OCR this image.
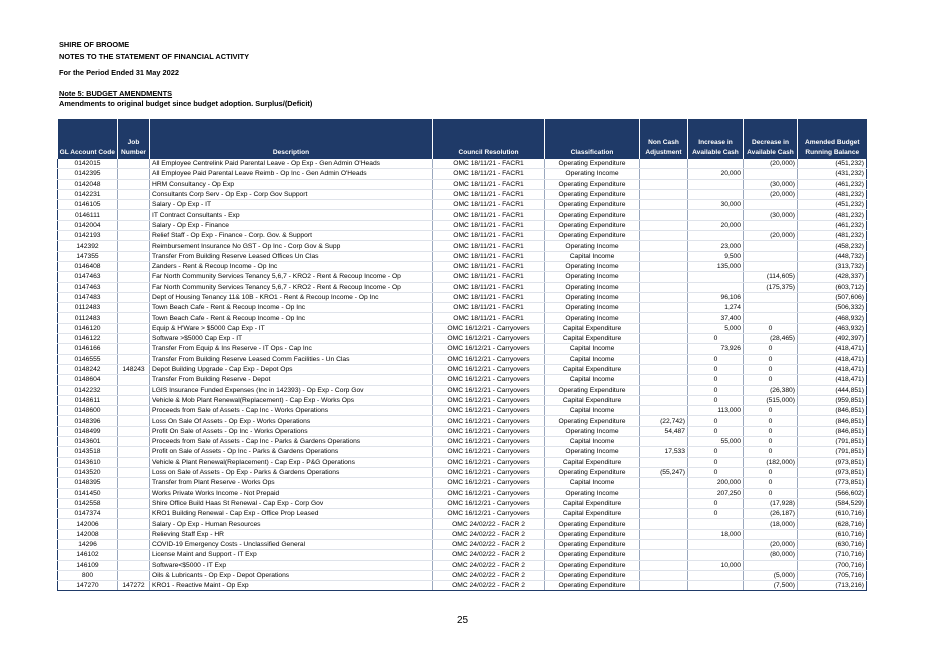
SHIRE OF BROOME
NOTES TO THE STATEMENT OF FINANCIAL ACTIVITY
For the Period Ended 31 May 2022
Note 5: BUDGET AMENDMENTS
Amendments to original budget since budget adoption. Surplus/(Deficit)
GL Account Code	Job Number	Description	Council Resolution	Classification	Non Cash Adjustment	Increase in Available Cash	Decrease in Available Cash	Amended Budget Running Balance
0142015		All Employee Centrelink Paid Parental Leave - Op Exp - Gen Admin O'Heads	OMC 18/11/21 - FACR1	Operating Expenditure			(20,000)	(451,232)
0142395		All Employee Paid Parental Leave Reimb - Op Inc - Gen Admin O'Heads	OMC 18/11/21 - FACR1	Operating Income		20,000		(431,232)
0142048		HRM Consultancy - Op Exp	OMC 18/11/21 - FACR1	Operating Expenditure			(30,000)	(461,232)
0142231		Consultants Corp Serv - Op Exp - Corp Gov Support	OMC 18/11/21 - FACR1	Operating Expenditure			(20,000)	(481,232)
0146105		Salary - Op Exp - IT	OMC 18/11/21 - FACR1	Operating Expenditure		30,000		(451,232)
0146111		IT Contract Consultants - Exp	OMC 18/11/21 - FACR1	Operating Expenditure			(30,000)	(481,232)
0142004		Salary - Op Exp - Finance	OMC 18/11/21 - FACR1	Operating Expenditure		20,000		(461,232)
0142193		Relief Staff - Op Exp - Finance - Corp. Gov. & Support	OMC 18/11/21 - FACR1	Operating Expenditure			(20,000)	(481,232)
142392		Reimbursement Insurance No GST - Op Inc - Corp Gov & Supp	OMC 18/11/21 - FACR1	Operating Income		23,000		(458,232)
147355		Transfer From Building Reserve Leased Offices Un Clas	OMC 18/11/21 - FACR1	Capital Income		9,500		(448,732)
0146408		Zanders - Rent & Recoup Income - Op Inc	OMC 18/11/21 - FACR1	Operating Income		135,000		(313,732)
0147463		Far North Community Services Tenancy 5,6,7 - KRO2 - Rent & Recoup Income - Op	OMC 18/11/21 - FACR1	Operating Income			(114,605)	(428,337)
0147463		Far North Community Services Tenancy 5,6,7 - KRO2 - Rent & Recoup Income - Op	OMC 18/11/21 - FACR1	Operating Income			(175,375)	(603,712)
0147483		Dept of Housing Tenancy 11& 10B - KRO1 - Rent & Recoup Income - Op Inc	OMC 18/11/21 - FACR1	Operating Income		96,106		(507,606)
0112483		Town Beach Cafe - Rent & Recoup Income - Op Inc	OMC 18/11/21 - FACR1	Operating Income		1,274		(506,332)
0112483		Town Beach Cafe - Rent & Recoup Income - Op Inc	OMC 18/11/21 - FACR1	Operating Income		37,400		(468,932)
0146120		Equip & H'Ware > $5000 Cap Exp - IT	OMC 16/12/21 - Carryovers	Capital Expenditure		5,000	0	(463,932)
0146122		Software >$5000 Cap Exp - IT	OMC 16/12/21 - Carryovers	Capital Expenditure		0	(28,465)	(492,397)
0146166		Transfer From Equip & Ins Reserve - IT Ops - Cap Inc	OMC 16/12/21 - Carryovers	Capital Income		73,926	0	(418,471)
0146555		Transfer From Building Reserve Leased Comm Facilities - Un Clas	OMC 16/12/21 - Carryovers	Capital Income		0	0	(418,471)
0148242	148243	Depot Building Upgrade - Cap Exp - Depot Ops	OMC 16/12/21 - Carryovers	Capital Expenditure		0	0	(418,471)
0148604		Transfer From Building Reserve - Depot	OMC 16/12/21 - Carryovers	Capital Income		0	0	(418,471)
0142232		LGIS Insurance Funded Expenses (Inc in 142393) - Op Exp - Corp Gov	OMC 16/12/21 - Carryovers	Operating Expenditure		0	(26,380)	(444,851)
0148611		Vehicle & Mob Plant Renewal(Replacement) - Cap Exp - Works Ops	OMC 16/12/21 - Carryovers	Capital Expenditure		0	(515,000)	(959,851)
0148600		Proceeds from Sale of Assets - Cap Inc - Works Operations	OMC 16/12/21 - Carryovers	Capital Income		113,000	0	(846,851)
0148396		Loss On Sale Of Assets - Op Exp - Works Operations	OMC 16/12/21 - Carryovers	Operating Expenditure	(22,742)	0	0	(846,851)
0148499		Profit On Sale of Assets - Op Inc - Works Operations	OMC 16/12/21 - Carryovers	Operating Income	54,487	0	0	(846,851)
0143601		Proceeds from Sale of Assets - Cap Inc - Parks & Gardens Operations	OMC 16/12/21 - Carryovers	Capital Income		55,000	0	(791,851)
0143518		Profit on Sale of Assets - Op Inc - Parks & Gardens Operations	OMC 16/12/21 - Carryovers	Operating Income	17,533	0	0	(791,851)
0143610		Vehicle & Plant Renewal(Replacement) - Cap Exp - P&G Operations	OMC 16/12/21 - Carryovers	Capital Expenditure		0	(182,000)	(973,851)
0143520		Loss on Sale of Assets - Op Exp - Parks & Gardens Operations	OMC 16/12/21 - Carryovers	Operating Expenditure	(55,247)	0	0	(973,851)
0148395		Transfer from Plant Reserve - Works Ops	OMC 16/12/21 - Carryovers	Capital Income		200,000	0	(773,851)
0141450		Works Private Works Income - Not Prepaid	OMC 16/12/21 - Carryovers	Operating Income		207,250	0	(566,602)
0142558		Shire Office Build Haas St Renewal - Cap Exp - Corp Gov	OMC 16/12/21 - Carryovers	Capital Expenditure		0	(17,928)	(584,529)
0147374		KRO1 Building Renewal - Cap Exp - Office Prop Leased	OMC 16/12/21 - Carryovers	Capital Expenditure		0	(26,187)	(610,716)
142006		Salary - Op Exp - Human Resources	OMC 24/02/22 - FACR 2	Operating Expenditure			(18,000)	(628,716)
142008		Relieving Staff Exp - HR	OMC 24/02/22 - FACR 2	Operating Expenditure		18,000		(610,716)
14296		COVID-19 Emergency Costs - Unclassified General	OMC 24/02/22 - FACR 2	Operating Expenditure			(20,000)	(630,716)
146102		License Maint and Support - IT Exp	OMC 24/02/22 - FACR 2	Operating Expenditure			(80,000)	(710,716)
146109		Software<$5000 - IT Exp	OMC 24/02/22 - FACR 2	Operating Expenditure		10,000		(700,716)
800		Oils & Lubricants - Op Exp - Depot Operations	OMC 24/02/22 - FACR 2	Operating Expenditure			(5,000)	(705,716)
147270	147272	KRO1 - Reactive Maint - Op Exp	OMC 24/02/22 - FACR 2	Operating Expenditure			(7,500)	(713,216)
25
